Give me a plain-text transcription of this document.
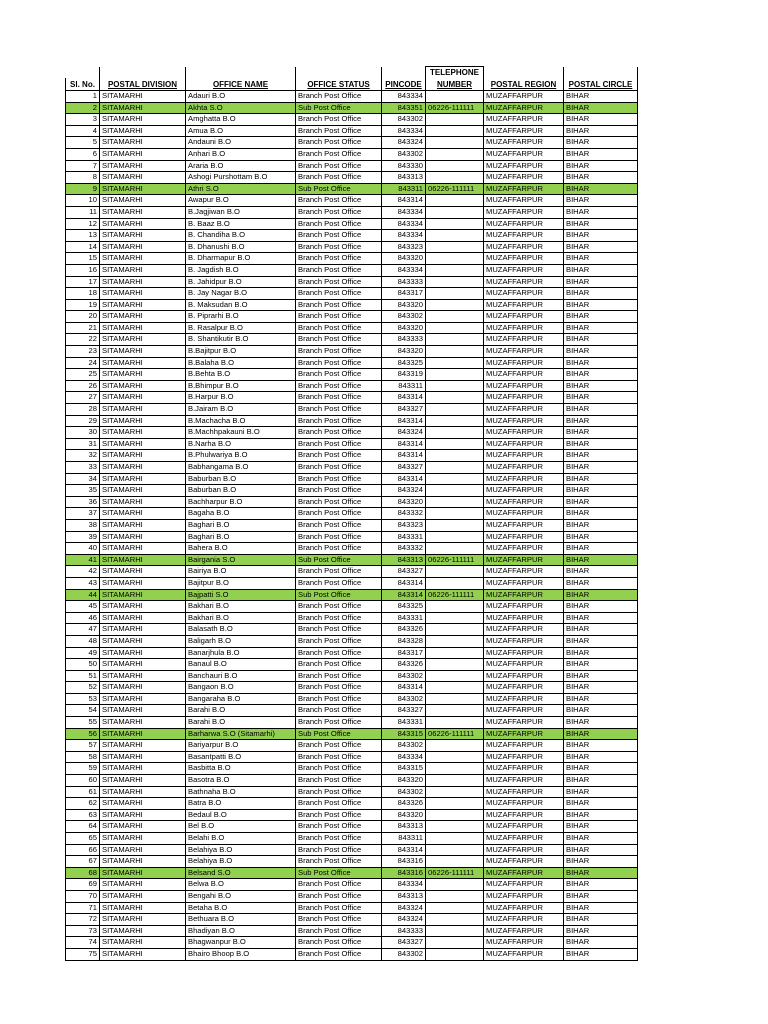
					TELEPHONE		
Sl. No.	POSTAL DIVISION	OFFICE NAME	OFFICE STATUS	PINCODE	NUMBER	POSTAL REGION	POSTAL CIRCLE
1	SITAMARHI	Adauri B.O	Branch Post Office	843334		MUZAFFARPUR	BIHAR
2	SITAMARHI	Akhta S.O	Sub Post Office	843351	06226-111111	MUZAFFARPUR	BIHAR
3	SITAMARHI	Amghatta B.O	Branch Post Office	843302		MUZAFFARPUR	BIHAR
4	SITAMARHI	Amua B.O	Branch Post Office	843334		MUZAFFARPUR	BIHAR
5	SITAMARHI	Andauni B.O	Branch Post Office	843324		MUZAFFARPUR	BIHAR
6	SITAMARHI	Anhari B.O	Branch Post Office	843302		MUZAFFARPUR	BIHAR
7	SITAMARHI	Araria B.O	Branch Post Office	843330		MUZAFFARPUR	BIHAR
8	SITAMARHI	Ashogi Purshottam B.O	Branch Post Office	843313		MUZAFFARPUR	BIHAR
9	SITAMARHI	Athri S.O	Sub Post Office	843311	06226-111111	MUZAFFARPUR	BIHAR
10	SITAMARHI	Awapur B.O	Branch Post Office	843314		MUZAFFARPUR	BIHAR
11	SITAMARHI	B.Jagjiwan B.O	Branch Post Office	843334		MUZAFFARPUR	BIHAR
12	SITAMARHI	B. Baaz B.O	Branch Post Office	843334		MUZAFFARPUR	BIHAR
13	SITAMARHI	B. Chandiha B.O	Branch Post Office	843334		MUZAFFARPUR	BIHAR
14	SITAMARHI	B. Dhanushi B.O	Branch Post Office	843323		MUZAFFARPUR	BIHAR
15	SITAMARHI	B. Dharmapur B.O	Branch Post Office	843320		MUZAFFARPUR	BIHAR
16	SITAMARHI	B. Jagdish B.O	Branch Post Office	843334		MUZAFFARPUR	BIHAR
17	SITAMARHI	B. Jahidpur B.O	Branch Post Office	843333		MUZAFFARPUR	BIHAR
18	SITAMARHI	B. Jay Nagar B.O	Branch Post Office	843317		MUZAFFARPUR	BIHAR
19	SITAMARHI	B. Maksudan B.O	Branch Post Office	843320		MUZAFFARPUR	BIHAR
20	SITAMARHI	B. Piprarhi B.O	Branch Post Office	843302		MUZAFFARPUR	BIHAR
21	SITAMARHI	B. Rasalpur B.O	Branch Post Office	843320		MUZAFFARPUR	BIHAR
22	SITAMARHI	B. Shantikutir B.O	Branch Post Office	843333		MUZAFFARPUR	BIHAR
23	SITAMARHI	B.Bajitpur B.O	Branch Post Office	843320		MUZAFFARPUR	BIHAR
24	SITAMARHI	B.Balaha B.O	Branch Post Office	843325		MUZAFFARPUR	BIHAR
25	SITAMARHI	B.Behta B.O	Branch Post Office	843319		MUZAFFARPUR	BIHAR
26	SITAMARHI	B.Bhimpur B.O	Branch Post Office	843311		MUZAFFARPUR	BIHAR
27	SITAMARHI	B.Harpur B.O	Branch Post Office	843314		MUZAFFARPUR	BIHAR
28	SITAMARHI	B.Jairam B.O	Branch Post Office	843327		MUZAFFARPUR	BIHAR
29	SITAMARHI	B.Machacha B.O	Branch Post Office	843314		MUZAFFARPUR	BIHAR
30	SITAMARHI	B.Machhpakauni B.O	Branch Post Office	843324		MUZAFFARPUR	BIHAR
31	SITAMARHI	B.Narha B.O	Branch Post Office	843314		MUZAFFARPUR	BIHAR
32	SITAMARHI	B.Phulwariya B.O	Branch Post Office	843314		MUZAFFARPUR	BIHAR
33	SITAMARHI	Babhangama B.O	Branch Post Office	843327		MUZAFFARPUR	BIHAR
34	SITAMARHI	Baburban B.O	Branch Post Office	843314		MUZAFFARPUR	BIHAR
35	SITAMARHI	Baburban B.O	Branch Post Office	843324		MUZAFFARPUR	BIHAR
36	SITAMARHI	Bachharpur B.O	Branch Post Office	843320		MUZAFFARPUR	BIHAR
37	SITAMARHI	Bagaha B.O	Branch Post Office	843332		MUZAFFARPUR	BIHAR
38	SITAMARHI	Baghari B.O	Branch Post Office	843323		MUZAFFARPUR	BIHAR
39	SITAMARHI	Baghari B.O	Branch Post Office	843331		MUZAFFARPUR	BIHAR
40	SITAMARHI	Bahera B.O	Branch Post Office	843332		MUZAFFARPUR	BIHAR
41	SITAMARHI	Bairgania S.O	Sub Post Office	843313	06226-111111	MUZAFFARPUR	BIHAR
42	SITAMARHI	Bairiya B.O	Branch Post Office	843327		MUZAFFARPUR	BIHAR
43	SITAMARHI	Bajitpur B.O	Branch Post Office	843314		MUZAFFARPUR	BIHAR
44	SITAMARHI	Bajpatti S.O	Sub Post Office	843314	06226-111111	MUZAFFARPUR	BIHAR
45	SITAMARHI	Bakhari B.O	Branch Post Office	843325		MUZAFFARPUR	BIHAR
46	SITAMARHI	Bakhari B.O	Branch Post Office	843331		MUZAFFARPUR	BIHAR
47	SITAMARHI	Balasath B.O	Branch Post Office	843326		MUZAFFARPUR	BIHAR
48	SITAMARHI	Baligarh B.O	Branch Post Office	843328		MUZAFFARPUR	BIHAR
49	SITAMARHI	Banarjhula B.O	Branch Post Office	843317		MUZAFFARPUR	BIHAR
50	SITAMARHI	Banaul B.O	Branch Post Office	843326		MUZAFFARPUR	BIHAR
51	SITAMARHI	Banchauri B.O	Branch Post Office	843302		MUZAFFARPUR	BIHAR
52	SITAMARHI	Bangaon B.O	Branch Post Office	843314		MUZAFFARPUR	BIHAR
53	SITAMARHI	Bangaraha B.O	Branch Post Office	843302		MUZAFFARPUR	BIHAR
54	SITAMARHI	Barahi B.O	Branch Post Office	843327		MUZAFFARPUR	BIHAR
55	SITAMARHI	Barahi B.O	Branch Post Office	843331		MUZAFFARPUR	BIHAR
56	SITAMARHI	Barharwa S.O (Sitamarhi)	Sub Post Office	843315	06226-111111	MUZAFFARPUR	BIHAR
57	SITAMARHI	Bariyarpur B.O	Branch Post Office	843302		MUZAFFARPUR	BIHAR
58	SITAMARHI	Basantpatti B.O	Branch Post Office	843334		MUZAFFARPUR	BIHAR
59	SITAMARHI	Basbitta B.O	Branch Post Office	843315		MUZAFFARPUR	BIHAR
60	SITAMARHI	Basotra B.O	Branch Post Office	843320		MUZAFFARPUR	BIHAR
61	SITAMARHI	Bathnaha B.O	Branch Post Office	843302		MUZAFFARPUR	BIHAR
62	SITAMARHI	Batra B.O	Branch Post Office	843326		MUZAFFARPUR	BIHAR
63	SITAMARHI	Bedaul B.O	Branch Post Office	843320		MUZAFFARPUR	BIHAR
64	SITAMARHI	Bel B.O	Branch Post Office	843313		MUZAFFARPUR	BIHAR
65	SITAMARHI	Belahi B.O	Branch Post Office	843311		MUZAFFARPUR	BIHAR
66	SITAMARHI	Belahiya B.O	Branch Post Office	843314		MUZAFFARPUR	BIHAR
67	SITAMARHI	Belahiya B.O	Branch Post Office	843316		MUZAFFARPUR	BIHAR
68	SITAMARHI	Belsand S.O	Sub Post Office	843316	06226-111111	MUZAFFARPUR	BIHAR
69	SITAMARHI	Belwa B.O	Branch Post Office	843334		MUZAFFARPUR	BIHAR
70	SITAMARHI	Bengahi B.O	Branch Post Office	843313		MUZAFFARPUR	BIHAR
71	SITAMARHI	Betaha B.O	Branch Post Office	843324		MUZAFFARPUR	BIHAR
72	SITAMARHI	Bethuara B.O	Branch Post Office	843324		MUZAFFARPUR	BIHAR
73	SITAMARHI	Bhadiyan B.O	Branch Post Office	843333		MUZAFFARPUR	BIHAR
74	SITAMARHI	Bhagwanpur B.O	Branch Post Office	843327		MUZAFFARPUR	BIHAR
75	SITAMARHI	Bhairo Bhoop B.O	Branch Post Office	843302		MUZAFFARPUR	BIHAR
